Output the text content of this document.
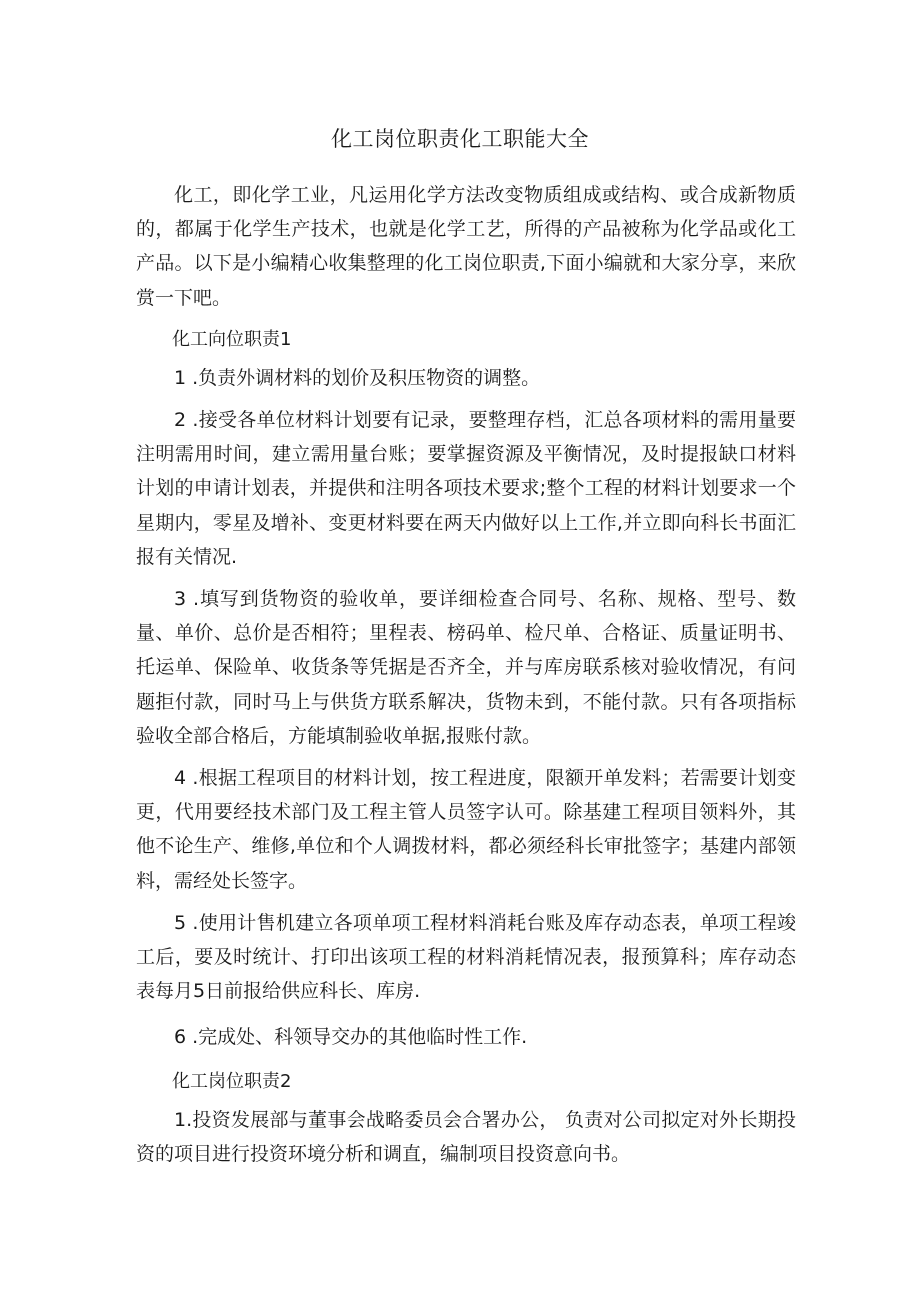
化工岗位职责化工职能大全

化工，即化学工业，凡运用化学方法改变物质组成或结构、或合成新物质的，都属于化学生产技术，也就是化学工艺，所得的产品被称为化学品或化工产品。以下是小编精心收集整理的化工岗位职责,下面小编就和大家分享，来欣赏一下吧。

化工向位职责1

1 .负责外调材料的划价及积压物资的调整。

2 .接受各单位材料计划要有记录，要整理存档，汇总各项材料的需用量要注明需用时间，建立需用量台账；要掌握资源及平衡情况，及时提报缺口材料计划的申请计划表，并提供和注明各项技术要求;整个工程的材料计划要求一个星期内，零星及增补、变更材料要在两天内做好以上工作,并立即向科长书面汇报有关情况.

3 .填写到货物资的验收单，要详细检查合同号、名称、规格、型号、数量、单价、总价是否相符；里程表、榜码单、检尺单、合格证、质量证明书、托运单、保险单、收货条等凭据是否齐全，并与库房联系核对验收情况，有问题拒付款，同时马上与供货方联系解决，货物未到，不能付款。只有各项指标验收全部合格后，方能填制验收单据,报账付款。

4 .根据工程项目的材料计划，按工程进度，限额开单发料；若需要计划变更，代用要经技术部门及工程主管人员签字认可。除基建工程项目领料外，其他不论生产、维修,单位和个人调拨材料，都必须经科长审批签字；基建内部领料，需经处长签字。

5 .使用计售机建立各项单项工程材料消耗台账及库存动态表，单项工程竣工后，要及时统计、打印出该项工程的材料消耗情况表，报预算科；库存动态表每月5日前报给供应科长、库房.

6 .完成处、科领导交办的其他临时性工作.

化工岗位职责2

1.投资发展部与董事会战略委员会合署办公， 负责对公司拟定对外长期投资的项目进行投资环境分析和调直，编制项目投资意向书。
